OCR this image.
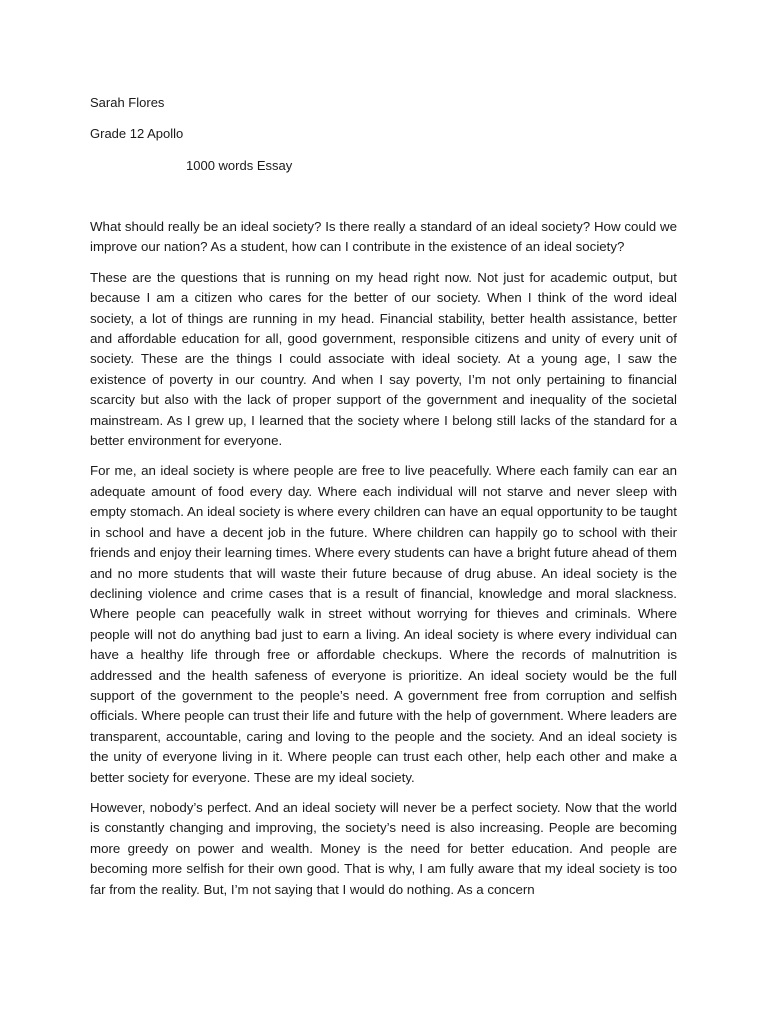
Sarah Flores
Grade 12 Apollo
1000 words Essay

What should really be an ideal society? Is there really a standard of an ideal society? How could we improve our nation? As a student, how can I contribute in the existence of an ideal society?

These are the questions that is running on my head right now. Not just for academic output, but because I am a citizen who cares for the better of our society. When I think of the word ideal society, a lot of things are running in my head. Financial stability, better health assistance, better and affordable education for all, good government, responsible citizens and unity of every unit of society. These are the things I could associate with ideal society. At a young age, I saw the existence of poverty in our country. And when I say poverty, I’m not only pertaining to financial scarcity but also with the lack of proper support of the government and inequality of the societal mainstream. As I grew up, I learned that the society where I belong still lacks of the standard for a better environment for everyone.

For me, an ideal society is where people are free to live peacefully. Where each family can ear an adequate amount of food every day. Where each individual will not starve and never sleep with empty stomach. An ideal society is where every children can have an equal opportunity to be taught in school and have a decent job in the future. Where children can happily go to school with their friends and enjoy their learning times. Where every students can have a bright future ahead of them and no more students that will waste their future because of drug abuse. An ideal society is the declining violence and crime cases that is a result of financial, knowledge and moral slackness. Where people can peacefully walk in street without worrying for thieves and criminals. Where people will not do anything bad just to earn a living. An ideal society is where every individual can have a healthy life through free or affordable checkups. Where the records of malnutrition is addressed and the health safeness of everyone is prioritize. An ideal society would be the full support of the government to the people’s need. A government free from corruption and selfish officials. Where people can trust their life and future with the help of government. Where leaders are transparent, accountable, caring and loving to the people and the society. And an ideal society is the unity of everyone living in it. Where people can trust each other, help each other and make a better society for everyone. These are my ideal society.

However, nobody’s perfect. And an ideal society will never be a perfect society. Now that the world is constantly changing and improving, the society’s need is also increasing. People are becoming more greedy on power and wealth. Money is the need for better education. And people are becoming more selfish for their own good. That is why, I am fully aware that my ideal society is too far from the reality. But, I’m not saying that I would do nothing. As a concern
